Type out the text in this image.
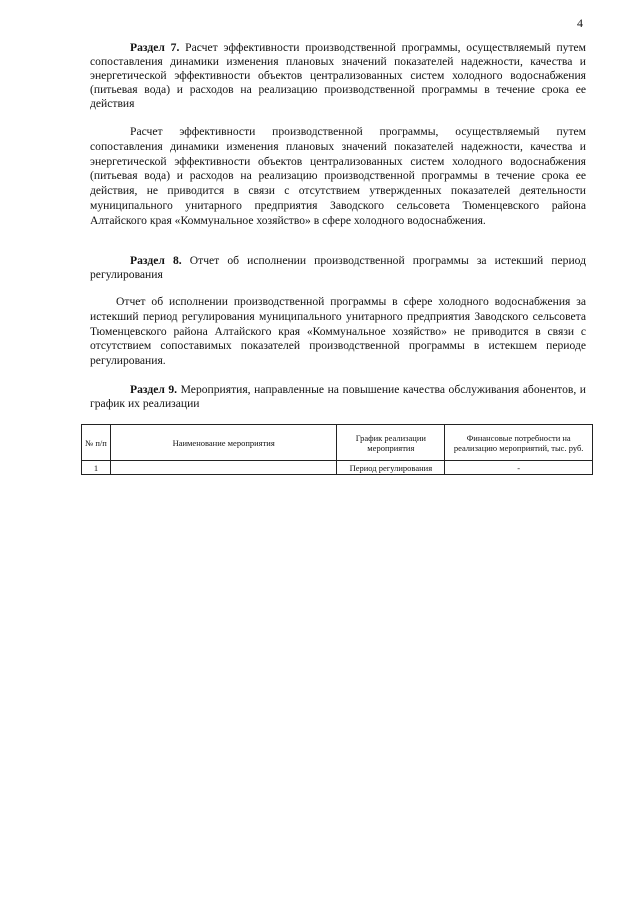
4
Раздел 7. Расчет эффективности производственной программы, осуществляемый путем сопоставления динамики изменения плановых значений показателей надежности, качества и энергетической эффективности объектов централизованных систем холодного водоснабжения (питьевая вода) и расходов на реализацию производственной программы в течение срока ее действия
Расчет эффективности производственной программы, осуществляемый путем сопоставления динамики изменения плановых значений показателей надежности, качества и энергетической эффективности объектов централизованных систем холодного водоснабжения (питьевая вода) и расходов на реализацию производственной программы в течение срока ее действия, не приводится в связи с отсутствием утвержденных показателей деятельности муниципального унитарного предприятия Заводского сельсовета Тюменцевского района Алтайского края «Коммунальное хозяйство» в сфере холодного водоснабжения.
Раздел 8. Отчет об исполнении производственной программы за истекший период регулирования
Отчет об исполнении производственной программы в сфере холодного водоснабжения за истекший период регулирования муниципального унитарного предприятия Заводского сельсовета Тюменцевского района Алтайского края «Коммунальное хозяйство» не приводится в связи с отсутствием сопоставимых показателей производственной программы в истекшем периоде регулирования.
Раздел 9. Мероприятия, направленные на повышение качества обслуживания абонентов, и график их реализации
№ п/п	Наименование мероприятия	График реализации мероприятия	Финансовые потребности на реализацию мероприятий, тыс. руб.
1		Период регулирования	-
